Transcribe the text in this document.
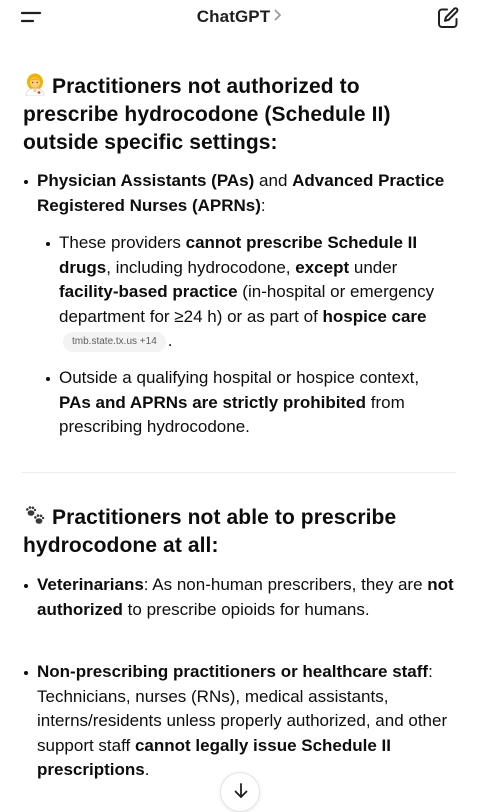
ChatGPT
Practitioners not authorized to prescribe hydrocodone (Schedule II) outside specific settings:
Physician Assistants (PAs) and Advanced Practice Registered Nurses (APRNs):
These providers cannot prescribe Schedule II drugs, including hydrocodone, except under facility-based practice (in-hospital or emergency department for ≥24 h) or as part of hospice caretmb.state.tx.us +14 .
Outside a qualifying hospital or hospice context, PAs and APRNs are strictly prohibited from prescribing hydrocodone.
Practitioners not able to prescribe hydrocodone at all:
Veterinarians: As non-human prescribers, they are not authorized to prescribe opioids for humans.
Non-prescribing practitioners or healthcare staff: Technicians, nurses (RNs), medical assistants, interns/residents unless properly authorized, and other support staff cannot legally issue Schedule II prescriptions.
